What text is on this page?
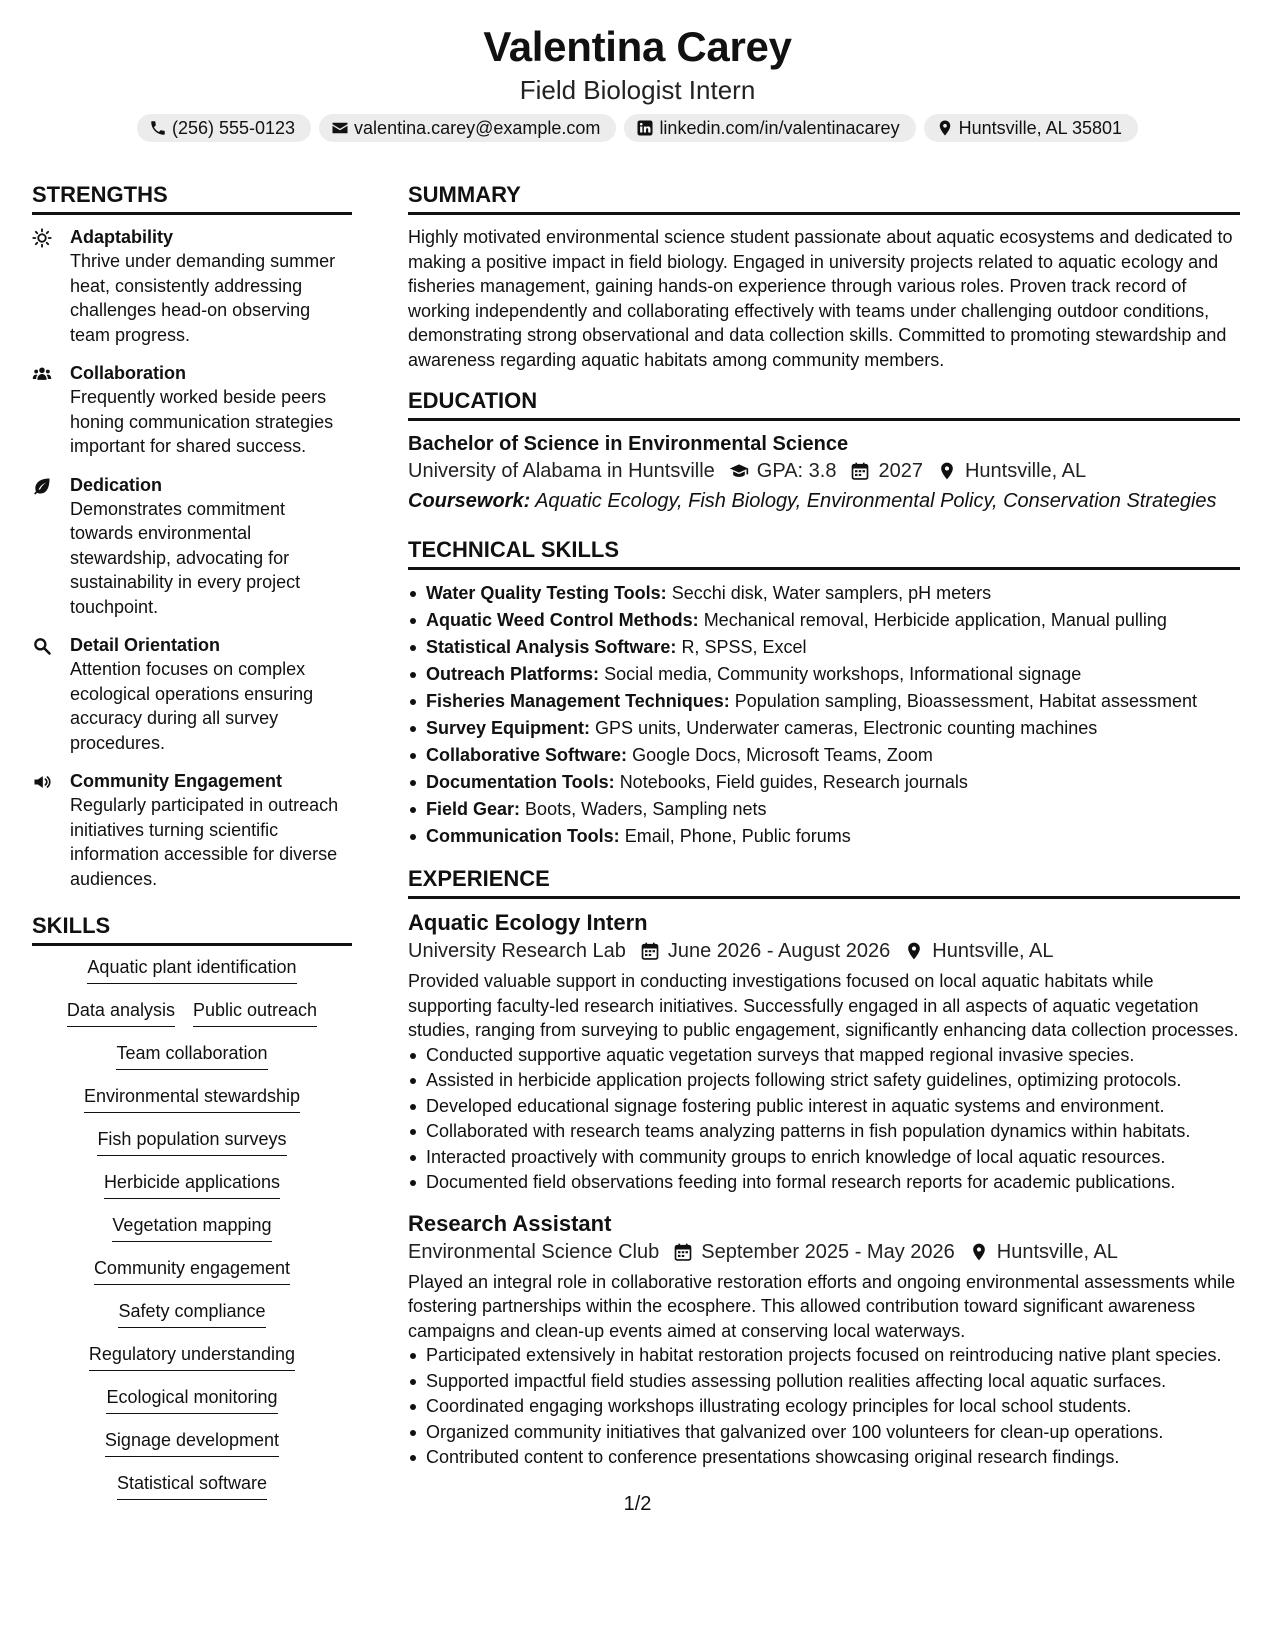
Valentina Carey
Field Biologist Intern
(256) 555-0123	valentina.carey@example.com	linkedin.com/in/valentinacarey	Huntsville, AL 35801
STRENGTHS
Adaptability
Thrive under demanding summer heat, consistently addressing challenges head-on observing team progress.
Collaboration
Frequently worked beside peers honing communication strategies important for shared success.
Dedication
Demonstrates commitment towards environmental stewardship, advocating for sustainability in every project touchpoint.
Detail Orientation
Attention focuses on complex ecological operations ensuring accuracy during all survey procedures.
Community Engagement
Regularly participated in outreach initiatives turning scientific information accessible for diverse audiences.
SKILLS
Aquatic plant identification
Data analysis Public outreach
Team collaboration
Environmental stewardship
Fish population surveys
Herbicide applications
Vegetation mapping
Community engagement
Safety compliance
Regulatory understanding
Ecological monitoring
Signage development
Statistical software
SUMMARY

Highly motivated environmental science student passionate about aquatic ecosystems and dedicated to making a positive impact in field biology. Engaged in university projects related to aquatic ecology and fisheries management, gaining hands-on experience through various roles. Proven track record of working independently and collaborating effectively with teams under challenging outdoor conditions, demonstrating strong observational and data collection skills. Committed to promoting stewardship and awareness regarding aquatic habitats among community members.

EDUCATION
Bachelor of Science in Environmental Science
University of Alabama in Huntsville GPA: 3.8 2027 Huntsville, AL
Coursework: Aquatic Ecology, Fish Biology, Environmental Policy, Conservation Strategies
TECHNICAL SKILLS
Water Quality Testing Tools: Secchi disk, Water samplers, pH meters
Aquatic Weed Control Methods: Mechanical removal, Herbicide application, Manual pulling
Statistical Analysis Software: R, SPSS, Excel
Outreach Platforms: Social media, Community workshops, Informational signage
Fisheries Management Techniques: Population sampling, Bioassessment, Habitat assessment
Survey Equipment: GPS units, Underwater cameras, Electronic counting machines
Collaborative Software: Google Docs, Microsoft Teams, Zoom
Documentation Tools: Notebooks, Field guides, Research journals
Field Gear: Boots, Waders, Sampling nets
Communication Tools: Email, Phone, Public forums
EXPERIENCE
Aquatic Ecology Intern
University Research Lab June 2026 - August 2026 Huntsville, AL

Provided valuable support in conducting investigations focused on local aquatic habitats while supporting faculty-led research initiatives. Successfully engaged in all aspects of aquatic vegetation studies, ranging from surveying to public engagement, significantly enhancing data collection processes.

Conducted supportive aquatic vegetation surveys that mapped regional invasive species.
Assisted in herbicide application projects following strict safety guidelines, optimizing protocols.
Developed educational signage fostering public interest in aquatic systems and environment.
Collaborated with research teams analyzing patterns in fish population dynamics within habitats.
Interacted proactively with community groups to enrich knowledge of local aquatic resources.
Documented field observations feeding into formal research reports for academic publications.
Research Assistant
Environmental Science Club September 2025 - May 2026 Huntsville, AL

Played an integral role in collaborative restoration efforts and ongoing environmental assessments while fostering partnerships within the ecosphere. This allowed contribution toward significant awareness campaigns and clean-up events aimed at conserving local waterways.

Participated extensively in habitat restoration projects focused on reintroducing native plant species.
Supported impactful field studies assessing pollution realities affecting local aquatic surfaces.
Coordinated engaging workshops illustrating ecology principles for local school students.
Organized community initiatives that galvanized over 100 volunteers for clean-up operations.
Contributed content to conference presentations showcasing original research findings.
1/2
